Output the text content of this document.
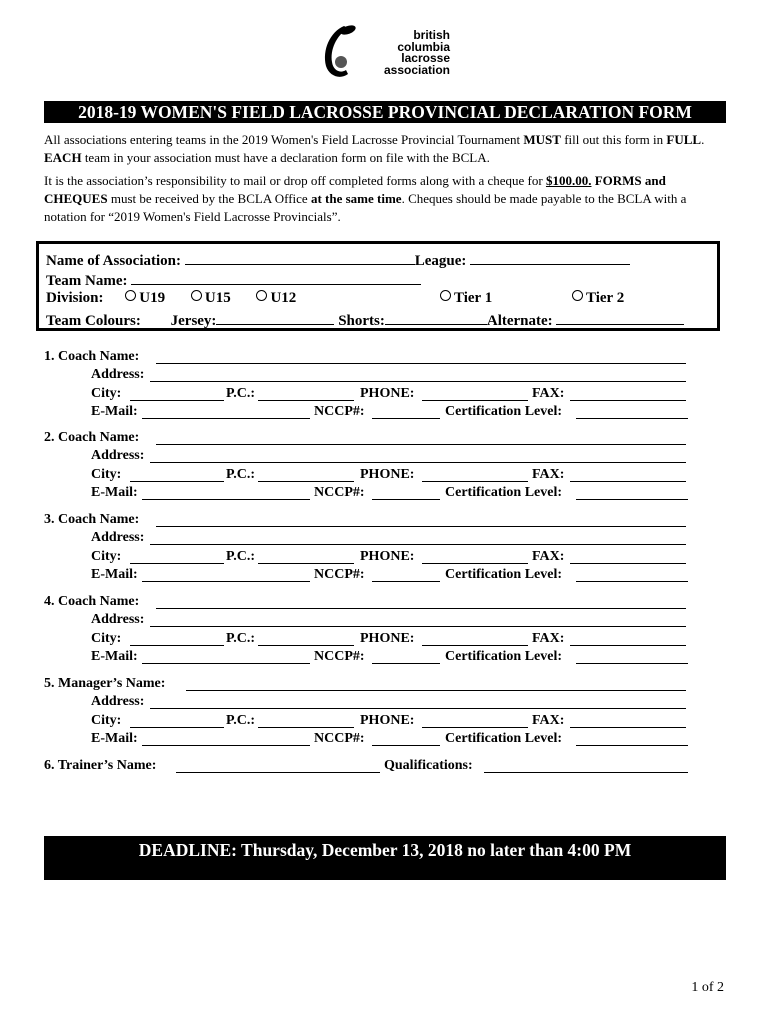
british
columbia
lacrosse
association
2018-19 WOMEN'S FIELD LACROSSE PROVINCIAL DECLARATION FORM
All associations entering teams in the 2019 Women's Field Lacrosse Provincial Tournament MUST fill out this form in FULL. EACH team in your association must have a declaration form on file with the BCLA.
It is the association’s responsibility to mail or drop off completed forms along with a cheque for $100.00. FORMS and CHEQUES must be received by the BCLA Office at the same time. Cheques should be made payable to the BCLA with a notation for “2019 Women's Field Lacrosse Provincials”.
Name of Association:	League:
Team Name:
Division: U19	U15	U12	Tier 1	Tier 2
Team Colours: Jersey:	Shorts:	Alternate:
1. Coach Name:
Address:
City:	P.C.:	PHONE:	FAX:
E-Mail:	NCCP#:	Certification Level:
2. Coach Name:
Address:
City:	P.C.:	PHONE:	FAX:
E-Mail:	NCCP#:	Certification Level:
3. Coach Name:
Address:
City:	P.C.:	PHONE:	FAX:
E-Mail:	NCCP#:	Certification Level:
4. Coach Name:
Address:
City:	P.C.:	PHONE:	FAX:
E-Mail:	NCCP#:	Certification Level:
5. Manager’s Name:
Address:
City:	P.C.:	PHONE:	FAX:
E-Mail:	NCCP#:	Certification Level:
6. Trainer’s Name:	Qualifications:
DEADLINE: Thursday, December 13, 2018 no later than 4:00 PM
1 of 2
